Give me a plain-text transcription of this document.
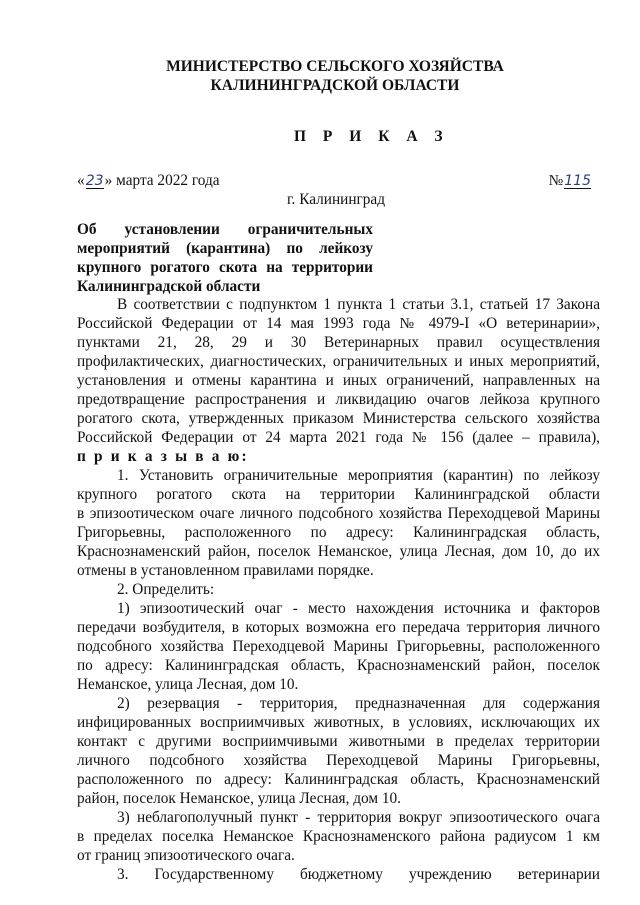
МИНИСТЕРСТВО СЕЛЬСКОГО ХОЗЯЙСТВА
КАЛИНИНГРАДСКОЙ ОБЛАСТИ
П Р И К А З
«23» марта 2022 года	№115
г. Калининград
Об установлении ограничительных
мероприятий (карантина) по лейкозу
крупного рогатого скота на территории
Калининградской области
В соответствии с подпунктом 1 пункта 1 статьи 3.1, статьей 17 Закона
Российской Федерации от 14 мая 1993 года № 4979-I «О ветеринарии»,
пунктами 21, 28, 29 и 30 Ветеринарных правил осуществления
профилактических, диагностических, ограничительных и иных мероприятий,
установления и отмены карантина и иных ограничений, направленных на
предотвращение распространения и ликвидацию очагов лейкоза крупного
рогатого скота, утвержденных приказом Министерства сельского хозяйства
Российской Федерации от 24 марта 2021 года № 156 (далее – правила),
п р и к а з ы в а ю:
1. Установить ограничительные мероприятия (карантин) по лейкозу
крупного рогатого скота на территории Калининградской области
в эпизоотическом очаге личного подсобного хозяйства Переходцевой Марины
Григорьевны, расположенного по адресу: Калининградская область,
Краснознаменский район, поселок Неманское, улица Лесная, дом 10, до их
отмены в установленном правилами порядке.
2. Определить:
1) эпизоотический очаг - место нахождения источника и факторов
передачи возбудителя, в которых возможна его передача территория личного
подсобного хозяйства Переходцевой Марины Григорьевны, расположенного
по адресу: Калининградская область, Краснознаменский район, поселок
Неманское, улица Лесная, дом 10.
2) резервация - территория, предназначенная для содержания
инфицированных восприимчивых животных, в условиях, исключающих их
контакт с другими восприимчивыми животными в пределах территории
личного подсобного хозяйства Переходцевой Марины Григорьевны,
расположенного по адресу: Калининградская область, Краснознаменский
район, поселок Неманское, улица Лесная, дом 10.
3) неблагополучный пункт - территория вокруг эпизоотического очага
в пределах поселка Неманское Краснознаменского района радиусом 1 км
от границ эпизоотического очага.
3. Государственному бюджетному учреждению ветеринарии
